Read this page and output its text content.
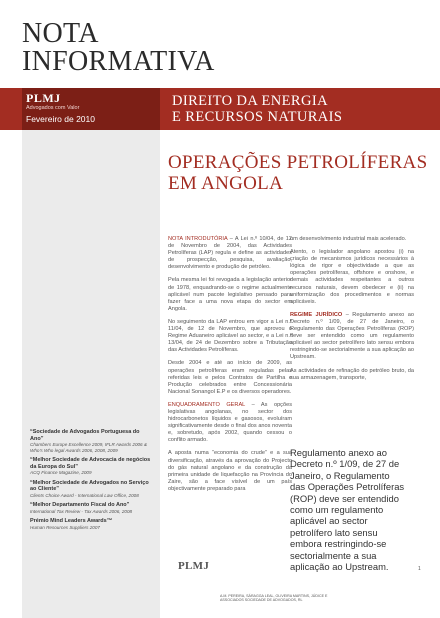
NOTA
INFORMATIVA
PLMJ
Advogados com Valor
Fevereiro de 2010
DIREITO DA ENERGIA
E RECURSOS NATURAIS
OPERAÇÕES PETROLÍFERAS
EM ANGOLA

NOTA INTRODUTÓRIA – A Lei n.º 10/04, de 12 de Novembro de 2004, das Actividades Petrolíferas (LAP) regula e define as actividades de prospecção, pesquisa, avaliação, desenvolvimento e produção de petróleo.

Pela mesma lei foi revogada a legislação anterior de 1978, enquadrando-se o regime actualmente aplicável num pacote legislativo pensado para fazer face a uma nova etapa do sector em Angola.

No seguimento da LAP entrou em vigor a Lei n.º 11/04, de 12 de Novembro, que aprovou o Regime Aduaneiro aplicável ao sector, e a Lei n.º 13/04, de 24 de Dezembro sobre a Tributação das Actividades Petrolíferas.

Desde 2004 e até ao início de 2009, as operações petrolíferas eram reguladas pelas referidas leis e pelos Contratos de Partilha e Produção celebrados entre Concessionária Nacional Sonangol E.P e os diversos operadores.

ENQUADRAMENTO GERAL – As opções legislativas angolanas, no sector dos hidrocarbonetos líquidos e gasosos, evoluíram significativamente desde o final dos anos noventa e, sobretudo, após 2002, quando cessou o conflito armado.

A aposta numa “economia do crude” e a sua diversificação, através da aprovação do Projecto do gás natural angolano e da construção da primeira unidade de liquefacção na Província do Zaire, são a face visível de um país objectivamente preparado para

um desenvolvimento industrial mais acelerado.

Atento, o legislador angolano apostou (i) na criação de mecanismos jurídicos necessários à lógica de rigor e objectividade a que as operações petrolíferas, offshore e onshore, e demais actividades respeitantes a outros recursos naturais, devem obedecer e (ii) na uniformização dos procedimentos e normas aplicáveis.

REGIME JURÍDICO – Regulamento anexo ao Decreto n.º 1/09, de 27 de Janeiro, o Regulamento das Operações Petrolíferas (ROP) deve ser entendido como um regulamento aplicável ao sector petrolífero lato sensu embora restringindo-se sectorialmente a sua aplicação ao Upstream.

As actividades de refinação do petróleo bruto, da sua armazenagem, transporte,

“Sociedade de Advogados Portuguesa do Ano”
Chambers Europe Excellence 2009, IFLR Awards 2006 & Who's Who legal Awards 2006, 2008, 2009
“Melhor Sociedade de Advocacia de negócios da Europa do Sul”
ACQ Finance Magazine, 2009
“Melhor Sociedade de Advogados no Serviço ao Cliente”
Clients Choice Award - International Law Office, 2008
“Melhor Departamento Fiscal do Ano”
International Tax Review - Tax Awards 2006, 2008
Prémio Mind Leaders Awards™
Human Resources Suppliers 2007
Regulamento anexo ao Decreto n.º 1/09, de 27 de Janeiro, o Regulamento das Operações Petrolíferas (ROP) deve ser entendido como um regulamento aplicável ao sector petrolífero lato sensu embora restringindo-se sectorialmente a sua aplicação ao Upstream.	1
PLMJ
A.M. PEREIRA, SÁRAGGA LEAL, OLIVEIRA MARTINS, JÚDICE E ASSOCIADOS SOCIEDADE DE ADVOGADOS, RL
